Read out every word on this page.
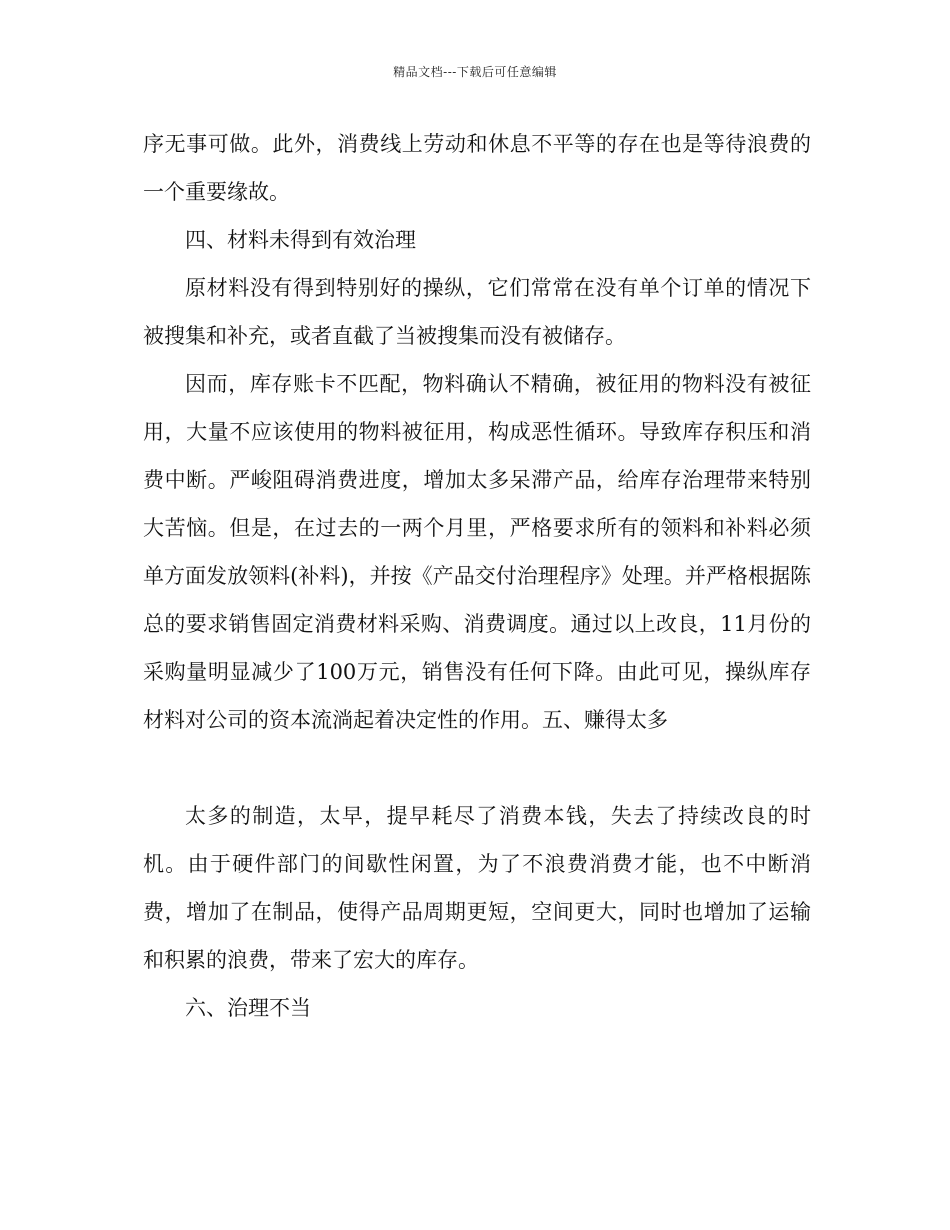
精品文档---下载后可任意编辑

序无事可做。此外，消费线上劳动和休息不平等的存在也是等待浪费的一个重要缘故。

四、材料未得到有效治理

原材料没有得到特别好的操纵，它们常常在没有单个订单的情况下被搜集和补充，或者直截了当被搜集而没有被储存。

因而，库存账卡不匹配，物料确认不精确，被征用的物料没有被征用，大量不应该使用的物料被征用，构成恶性循环。导致库存积压和消费中断。严峻阻碍消费进度，增加太多呆滞产品，给库存治理带来特别大苦恼。但是，在过去的一两个月里，严格要求所有的领料和补料必须单方面发放领料(补料)，并按《产品交付治理程序》处理。并严格根据陈总的要求销售固定消费材料采购、消费调度。通过以上改良，11月份的采购量明显减少了100万元，销售没有任何下降。由此可见，操纵库存材料对公司的资本流淌起着决定性的作用。五、赚得太多

太多的制造，太早，提早耗尽了消费本钱，失去了持续改良的时机。由于硬件部门的间歇性闲置，为了不浪费消费才能，也不中断消费，增加了在制品，使得产品周期更短，空间更大，同时也增加了运输和积累的浪费，带来了宏大的库存。

六、治理不当
